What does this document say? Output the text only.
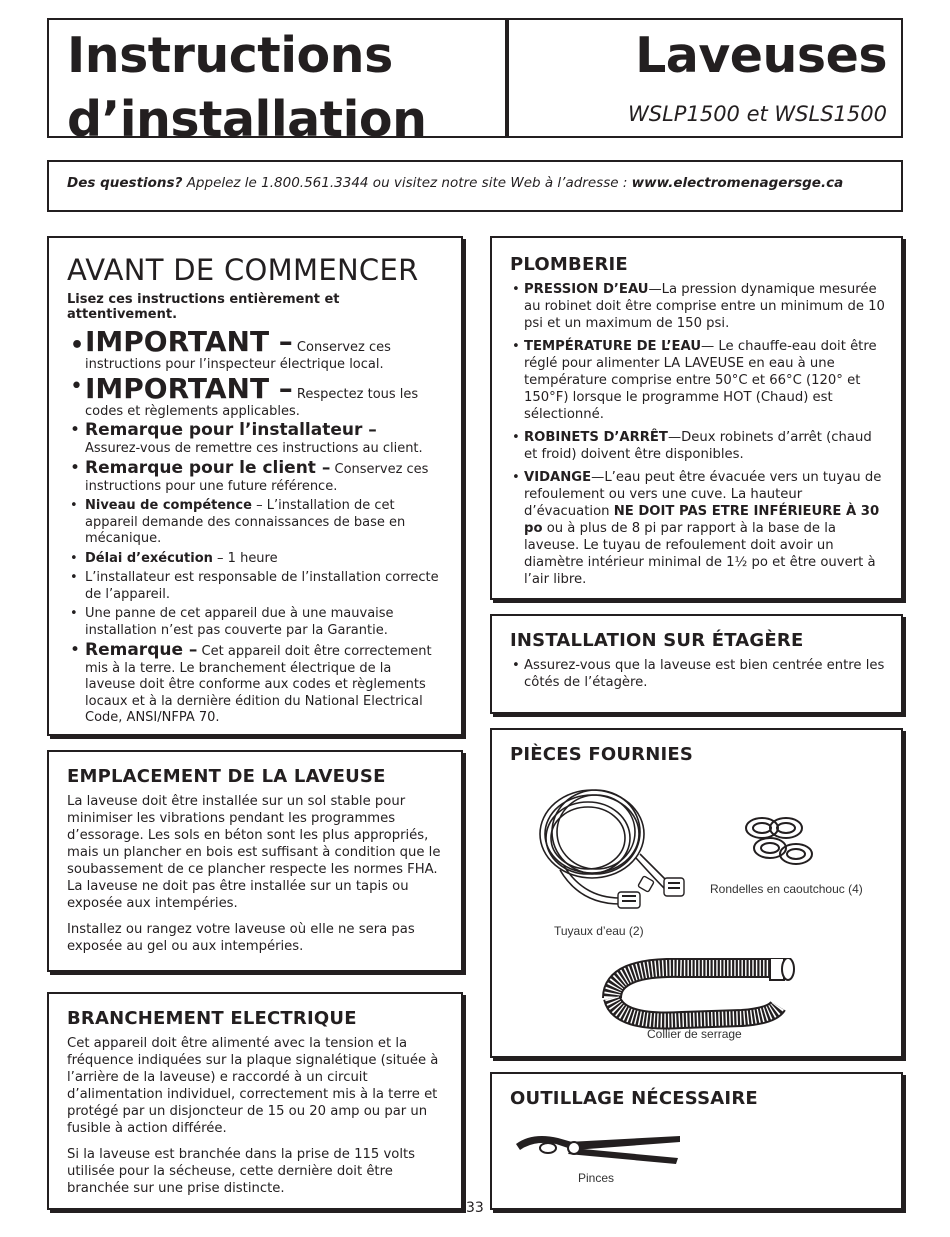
Instructions

d’installation

Laveuses

WSLP1500 et WSLS1500

Des questions? Appelez le 1.800.561.3344 ou visitez notre site Web à l’adresse : www.electromenagersge.ca

AVANT DE COMMENCER

Lisez ces instructions entièrement et attentivement.

• IMPORTANT – Conservez ces instructions pour l’inspecteur électrique local.
• IMPORTANT – Respectez tous les codes et règlements applicables.
• Remarque pour l’installateur –
Assurez-vous de remettre ces instructions au client.
• Remarque pour le client – Conservez ces instructions pour une future référence.
• Niveau de compétence – L’installation de cet appareil demande des connaissances de base en mécanique.
• Délai d’exécution – 1 heure
• L’installateur est responsable de l’installation correcte de l’appareil.
• Une panne de cet appareil due à une mauvaise installation n’est pas couverte par la Garantie.
• Remarque – Cet appareil doit être correctement mis à la terre. Le branchement électrique de la laveuse doit être conforme aux codes et règlements locaux et à la dernière édition du National Electrical Code, ANSI/NFPA 70.
EMPLACEMENT DE LA LAVEUSE

La laveuse doit être installée sur un sol stable pour minimiser les vibrations pendant les programmes d’essorage. Les sols en béton sont les plus appropriés, mais un plancher en bois est suffisant à condition que le soubassement de ce plancher respecte les normes FHA. La laveuse ne doit pas être installée sur un tapis ou exposée aux intempéries.

Installez ou rangez votre laveuse où elle ne sera pas exposée au gel ou aux intempéries.

BRANCHEMENT ELECTRIQUE

Cet appareil doit être alimenté avec la tension et la fréquence indiquées sur la plaque signalétique (située à l’arrière de la laveuse) e raccordé à un circuit d’alimentation individuel, correctement mis à la terre et protégé par un disjoncteur de 15 ou 20 amp ou par un fusible à action différée.

Si la laveuse est branchée dans la prise de 115 volts utilisée pour la sécheuse, cette dernière doit être branchée sur une prise distincte.

PLOMBERIE
• PRESSION D’EAU—La pression dynamique mesurée au robinet doit être comprise entre un minimum de 10 psi et un maximum de 150 psi.
• TEMPÉRATURE DE L’EAU— Le chauffe-eau doit être réglé pour alimenter LA LAVEUSE en eau à une température comprise entre 50°C et 66°C (120° et 150°F) lorsque le programme HOT (Chaud) est sélectionné.
• ROBINETS D’ARRÊT—Deux robinets d’arrêt (chaud et froid) doivent être disponibles.
• VIDANGE—L’eau peut être évacuée vers un tuyau de refoulement ou vers une cuve. La hauteur d’évacuation NE DOIT PAS ETRE INFÉRIEURE À 30 po ou à plus de 8 pi par rapport à la base de la laveuse. Le tuyau de refoulement doit avoir un diamètre intérieur minimal de 1½ po et être ouvert à l’air libre.
INSTALLATION SUR ÉTAGÈRE
• Assurez-vous que la laveuse est bien centrée entre les côtés de l’étagère.
PIÈCES FOURNIES
Rondelles en caoutchouc (4)
Tuyaux d’eau (2)
Collier de serrage
OUTILLAGE NÉCESSAIRE
Pinces
33
